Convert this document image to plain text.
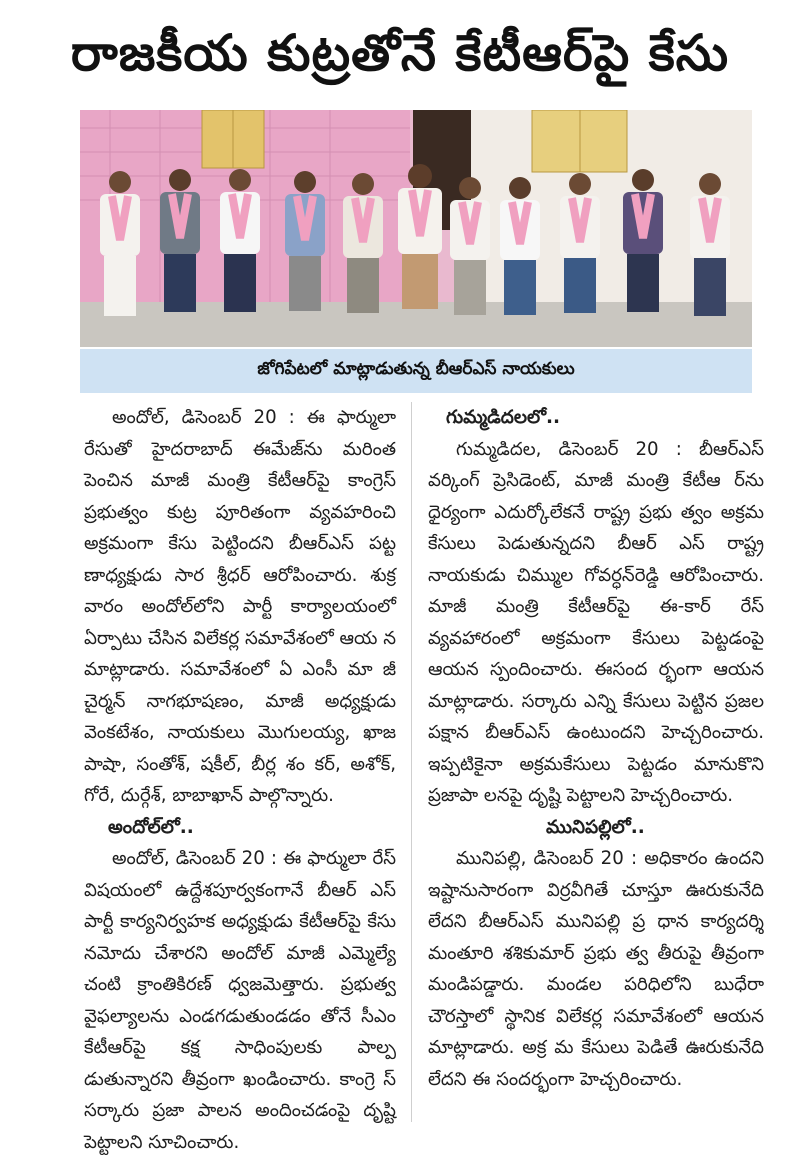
రాజకీయ కుట్రతోనే కేటీఆర్‌పై కేసు
జోగిపేటలో మాట్లాడుతున్న బీఆర్‌ఎస్ నాయకులు

అందోల్, డిసెంబర్ 20 : ఈ ఫార్ములా రేసుతో హైదరాబాద్ ఈమేజ్‌ను మరింత పెంచిన మాజీ మంత్రి కేటీఆర్‌పై కాంగ్రెస్ ప్రభుత్వం కుట్ర పూరితంగా వ్యవహరించి అక్రమంగా కేసు పెట్టిందని బీఆర్ఎస్ పట్ట ణాధ్యక్షుడు సార శ్రీధర్ ఆరోపించారు. శుక్ర వారం అందోల్‌లోని పార్టీ కార్యాలయంలో ఏర్పాటు చేసిన విలేకర్ల సమావేశంలో ఆయ న మాట్లాడారు. సమావేశంలో ఏ ఎంసీ మా జీ చైర్మన్ నాగభూషణం, మాజీ అధ్యక్షుడు వెంకటేశం, నాయకులు మొగులయ్య, ఖాజ పాషా, సంతోశ్, షకీల్, బీర్ల శం కర్, అశోక్, గోరే, దుర్గేశ్, బాబాఖాన్ పాల్గొన్నారు.

అందోల్‌లో..

అందోల్, డిసెంబర్ 20 : ఈ ఫార్ములా రేస్ విషయంలో ఉద్దేశపూర్వకంగానే బీఆర్ ఎస్ పార్టీ కార్యనిర్వహక అధ్యక్షుడు కేటీఆర్‌పై కేసు నమోదు చేశారని అందోల్ మాజీ ఎమ్మెల్యే చంటి క్రాంతికిరణ్ ధ్వజమెత్తారు. ప్రభుత్వ వైఫల్యాలను ఎండగడుతుండడం తోనే సీఎం కేటీఆర్‌పై కక్ష సాధింపులకు పాల్ప డుతున్నారని తీవ్రంగా ఖండించారు. కాంగ్రె స్ సర్కారు ప్రజా పాలన అందించడంపై దృష్టి పెట్టాలని సూచించారు.

గుమ్మడిదలలో..

గుమ్మడిదల, డిసెంబర్ 20 : బీఆర్ఎస్ వర్కింగ్ ప్రెసిడెంట్, మాజీ మంత్రి కేటీఆ ర్‌ను ధైర్యంగా ఎదుర్కోలేకనే రాష్ట్ర ప్రభు త్వం అక్రమ కేసులు పెడుతున్నదని బీఆర్ ఎస్ రాష్ట్ర నాయకుడు చిమ్ముల గోవర్ధన్‌రెడ్డి ఆరోపించారు. మాజీ మంత్రి కేటీఆర్‌పై ఈ-కార్ రేస్ వ్యవహారంలో అక్రమంగా కేసులు పెట్టడంపై ఆయన స్పందించారు. ఈసంద ర్భంగా ఆయన మాట్లాడారు. సర్కారు ఎన్ని కేసులు పెట్టిన ప్రజల పక్షాన బీఆర్ఎస్ ఉంటుందని హెచ్చరించారు. ఇప్పటికైనా అక్రమకేసులు పెట్టడం మానుకొని ప్రజాపా లనపై దృష్టి పెట్టాలని హెచ్చరించారు.

మునిపల్లిలో..

మునిపల్లి, డిసెంబర్ 20 : అధికారం ఉందని ఇష్టానుసారంగా విర్రవీగితే చూస్తూ ఊరుకునేది లేదని బీఆర్ఎస్ మునిపల్లి ప్ర ధాన కార్యదర్శి మంతూరి శశికుమార్ ప్రభు త్వ తీరుపై తీవ్రంగా మండిపడ్డారు. మండల పరిధిలోని బుధేరా చౌరస్తాలో స్థానిక విలేకర్ల సమావేశంలో ఆయన మాట్లాడారు. అక్ర మ కేసులు పెడితే ఊరుకునేది లేదని ఈ సందర్భంగా హెచ్చరించారు.
